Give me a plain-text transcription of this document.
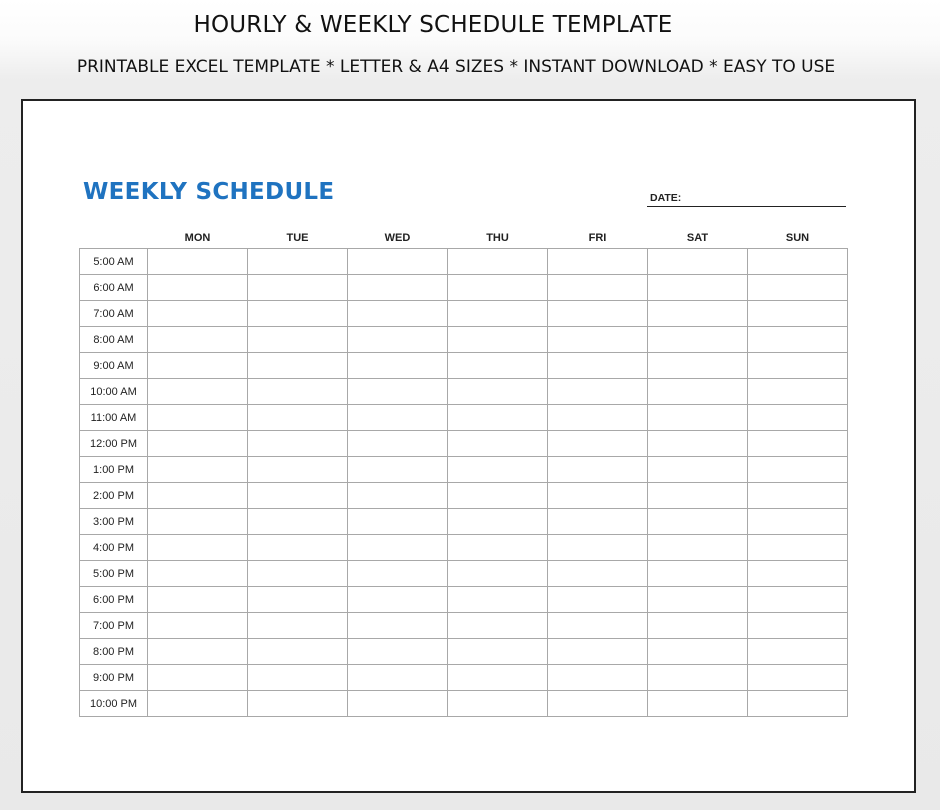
HOURLY & WEEKLY SCHEDULE TEMPLATE
PRINTABLE EXCEL TEMPLATE * LETTER & A4 SIZES * INSTANT DOWNLOAD * EASY TO USE
WEEKLY SCHEDULE	DATE:
	MON	TUE	WED	THU	FRI	SAT	SUN
5:00 AM							
6:00 AM							
7:00 AM							
8:00 AM							
9:00 AM							
10:00 AM							
11:00 AM							
12:00 PM							
1:00 PM							
2:00 PM							
3:00 PM							
4:00 PM							
5:00 PM							
6:00 PM							
7:00 PM							
8:00 PM							
9:00 PM							
10:00 PM							
